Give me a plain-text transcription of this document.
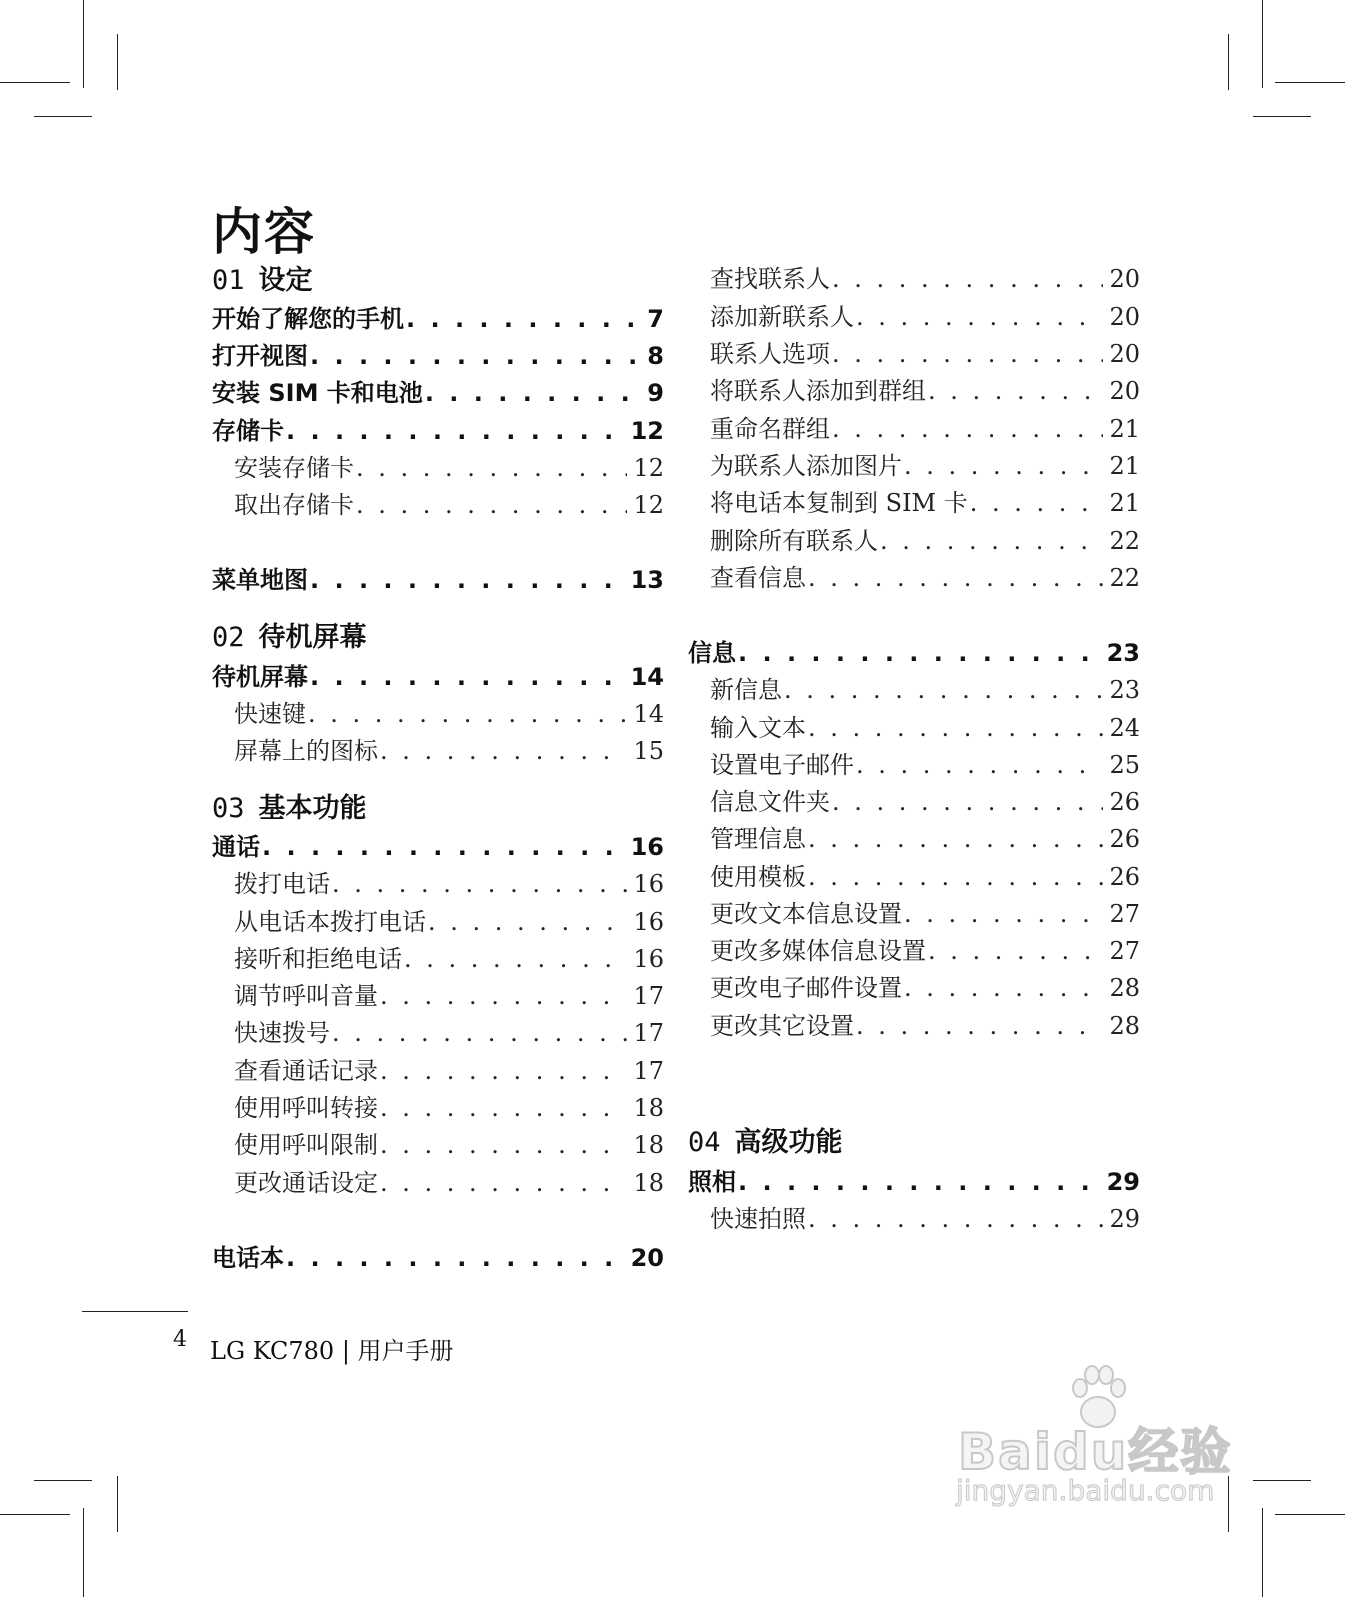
内容
01 设定
开始了解您的手机 . . .	7
打开视图 . . .	8
安装 SIM 卡和电池 . . .	9
存储卡 . . .	12
安装存储卡 . . .	12
取出存储卡 . . .	12
菜单地图 . . .	13
02 待机屏幕
待机屏幕 . . .	14
快速键 . . .	14
屏幕上的图标 . . .	15
03 基本功能
通话 . . .	16
拨打电话 . . .	16
从电话本拨打电话 . . .	16
接听和拒绝电话 . . .	16
调节呼叫音量 . . .	17
快速拨号 . . .	17
查看通话记录 . . .	17
使用呼叫转接 . . .	18
使用呼叫限制 . . .	18
更改通话设定 . . .	18
电话本 . . .	20
查找联系人 . . .	20
添加新联系人 . . .	20
联系人选项 . . .	20
将联系人添加到群组 . . .	20
重命名群组 . . .	21
为联系人添加图片 . . .	21
将电话本复制到 SIM 卡 . . .	21
删除所有联系人 . . .	22
查看信息 . . .	22
信息 . . .	23
新信息 . . .	23
输入文本 . . .	24
设置电子邮件 . . .	25
信息文件夹 . . .	26
管理信息 . . .	26
使用模板 . . .	26
更改文本信息设置 . . .	27
更改多媒体信息设置 . . .	27
更改电子邮件设置 . . .	28
更改其它设置 . . .	28
04 高级功能
照相 . . .	29
快速拍照 . . .	29
4 LG KC780 | 用户手册
Baidu经验
jingyan.baidu.com
